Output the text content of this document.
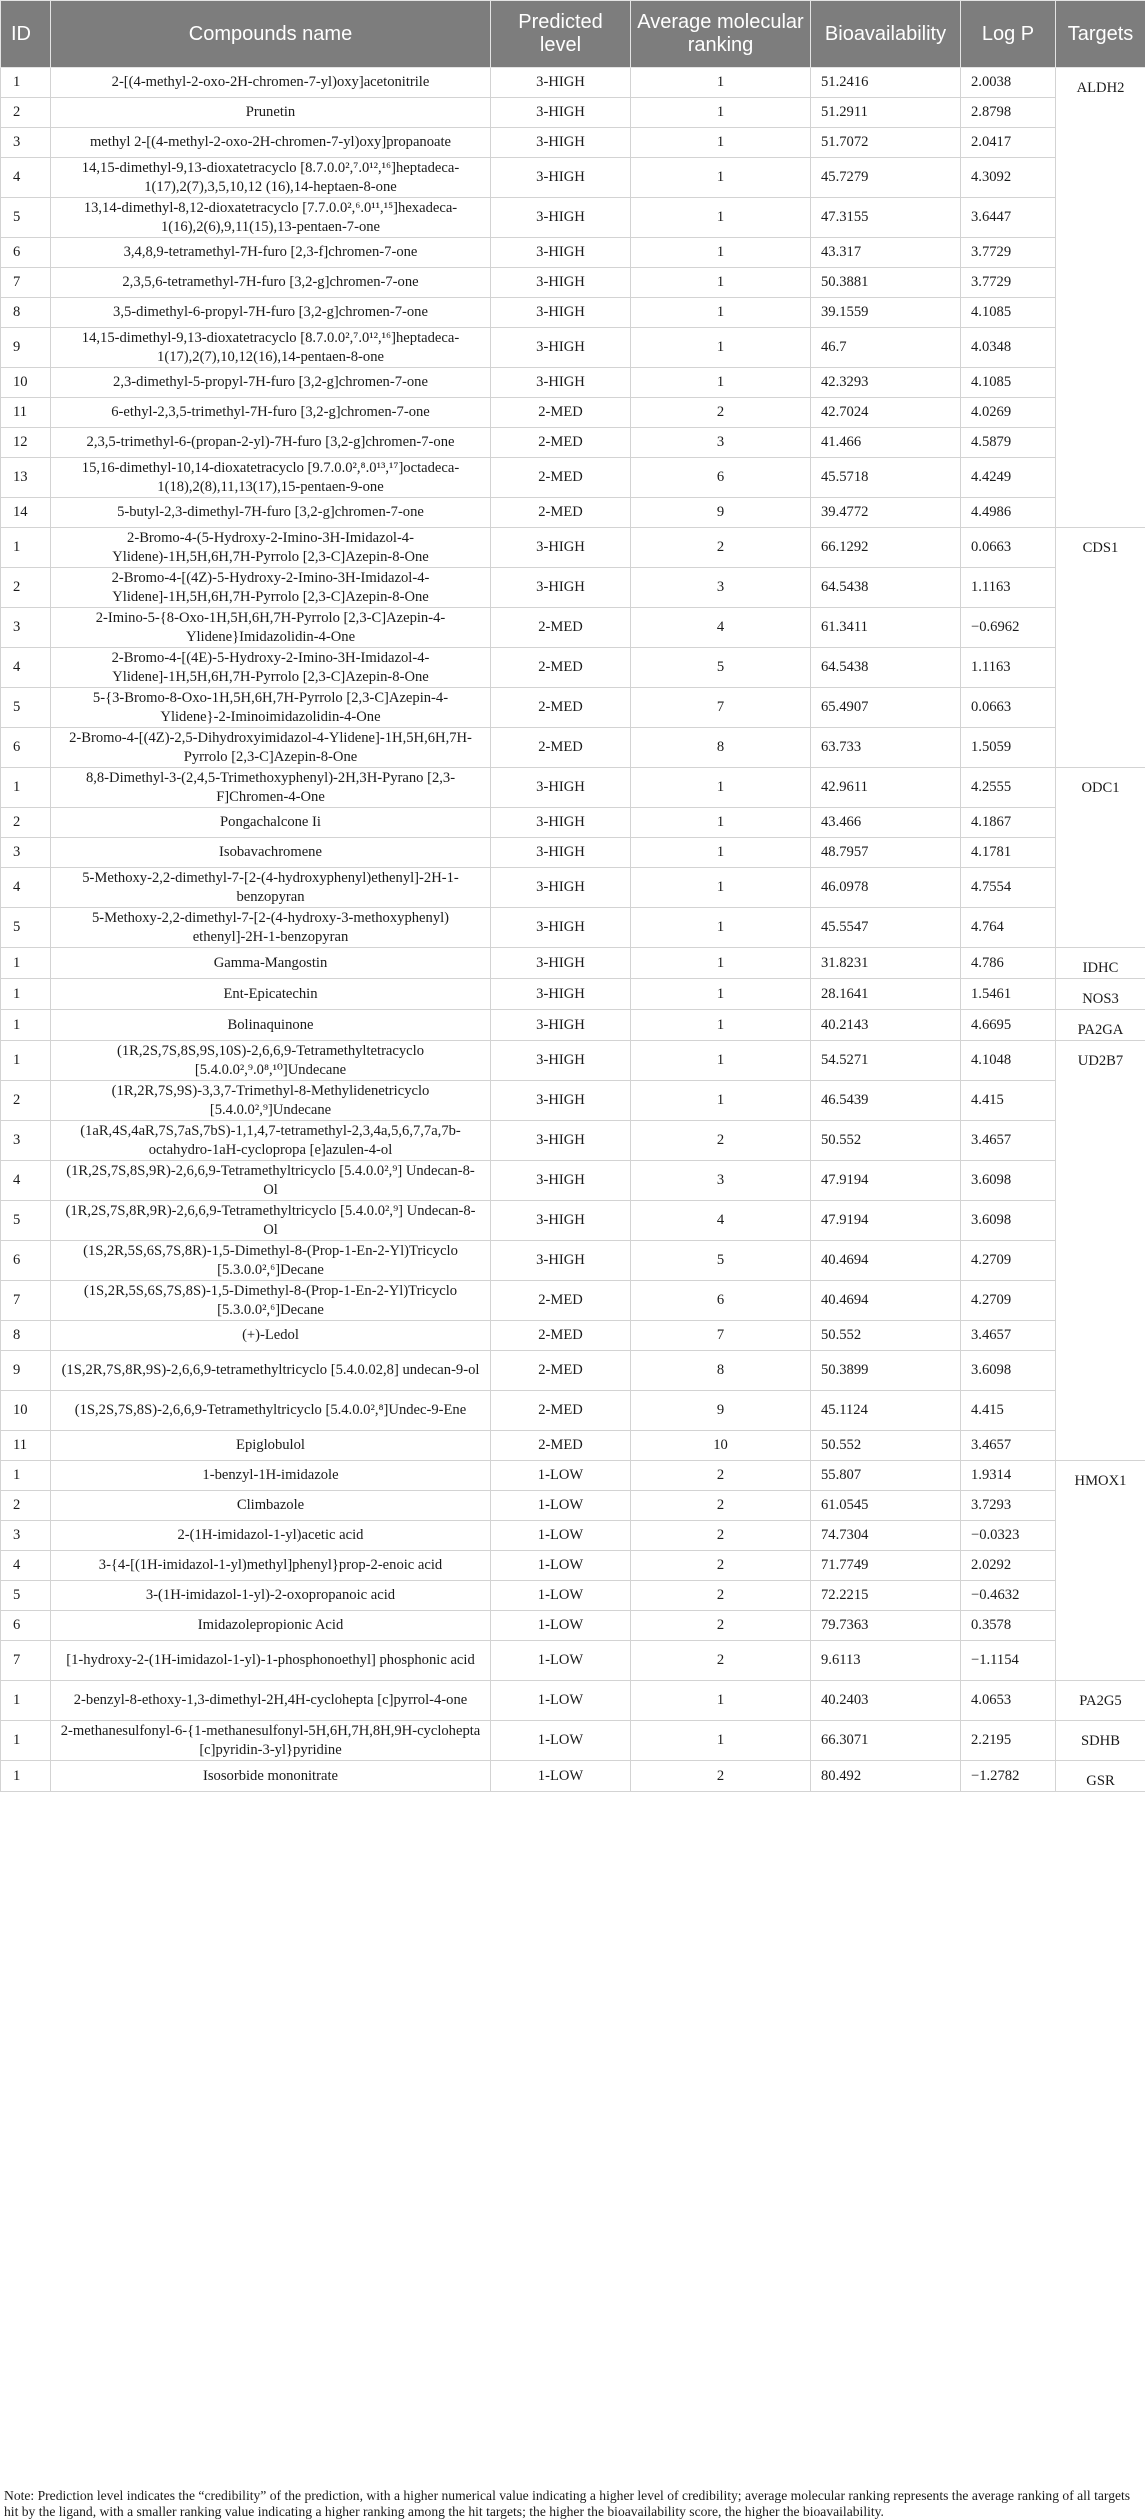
ID	Compounds name	Predicted level	Average molecular ranking	Bioavailability	Log P	Targets
1	2-[(4-methyl-2-oxo-2H-chromen-7-yl)oxy]acetonitrile	3-HIGH	1	51.2416	2.0038	ALDH2
2	Prunetin	3-HIGH	1	51.2911	2.8798	
3	methyl 2-[(4-methyl-2-oxo-2H-chromen-7-yl)oxy]propanoate	3-HIGH	1	51.7072	2.0417	
4	14,15-dimethyl-9,13-dioxatetracyclo [8.7.0.0²,⁷.0¹²,¹⁶]heptadeca-1(17),2(7),3,5,10,12 (16),14-heptaen-8-one	3-HIGH	1	45.7279	4.3092	
5	13,14-dimethyl-8,12-dioxatetracyclo [7.7.0.0²,⁶.0¹¹,¹⁵]hexadeca-1(16),2(6),9,11(15),13-pentaen-7-one	3-HIGH	1	47.3155	3.6447	
6	3,4,8,9-tetramethyl-7H-furo [2,3-f]chromen-7-one	3-HIGH	1	43.317	3.7729	
7	2,3,5,6-tetramethyl-7H-furo [3,2-g]chromen-7-one	3-HIGH	1	50.3881	3.7729	
8	3,5-dimethyl-6-propyl-7H-furo [3,2-g]chromen-7-one	3-HIGH	1	39.1559	4.1085	
9	14,15-dimethyl-9,13-dioxatetracyclo [8.7.0.0²,⁷.0¹²,¹⁶]heptadeca-1(17),2(7),10,12(16),14-pentaen-8-one	3-HIGH	1	46.7	4.0348	
10	2,3-dimethyl-5-propyl-7H-furo [3,2-g]chromen-7-one	3-HIGH	1	42.3293	4.1085	
11	6-ethyl-2,3,5-trimethyl-7H-furo [3,2-g]chromen-7-one	2-MED	2	42.7024	4.0269	
12	2,3,5-trimethyl-6-(propan-2-yl)-7H-furo [3,2-g]chromen-7-one	2-MED	3	41.466	4.5879	
13	15,16-dimethyl-10,14-dioxatetracyclo [9.7.0.0²,⁸.0¹³,¹⁷]octadeca-1(18),2(8),11,13(17),15-pentaen-9-one	2-MED	6	45.5718	4.4249	
14	5-butyl-2,3-dimethyl-7H-furo [3,2-g]chromen-7-one	2-MED	9	39.4772	4.4986	
1	2-Bromo-4-(5-Hydroxy-2-Imino-3H-Imidazol-4-Ylidene)-1H,5H,6H,7H-Pyrrolo [2,3-C]Azepin-8-One	3-HIGH	2	66.1292	0.0663	CDS1
2	2-Bromo-4-[(4Z)-5-Hydroxy-2-Imino-3H-Imidazol-4-Ylidene]-1H,5H,6H,7H-Pyrrolo [2,3-C]Azepin-8-One	3-HIGH	3	64.5438	1.1163	
3	2-Imino-5-{8-Oxo-1H,5H,6H,7H-Pyrrolo [2,3-C]Azepin-4-Ylidene}Imidazolidin-4-One	2-MED	4	61.3411	−0.6962	
4	2-Bromo-4-[(4E)-5-Hydroxy-2-Imino-3H-Imidazol-4-Ylidene]-1H,5H,6H,7H-Pyrrolo [2,3-C]Azepin-8-One	2-MED	5	64.5438	1.1163	
5	5-{3-Bromo-8-Oxo-1H,5H,6H,7H-Pyrrolo [2,3-C]Azepin-4-Ylidene}-2-Iminoimidazolidin-4-One	2-MED	7	65.4907	0.0663	
6	2-Bromo-4-[(4Z)-2,5-Dihydroxyimidazol-4-Ylidene]-1H,5H,6H,7H-Pyrrolo [2,3-C]Azepin-8-One	2-MED	8	63.733	1.5059	
1	8,8-Dimethyl-3-(2,4,5-Trimethoxyphenyl)-2H,3H-Pyrano [2,3-F]Chromen-4-One	3-HIGH	1	42.9611	4.2555	ODC1
2	Pongachalcone Ii	3-HIGH	1	43.466	4.1867	
3	Isobavachromene	3-HIGH	1	48.7957	4.1781	
4	5-Methoxy-2,2-dimethyl-7-[2-(4-hydroxyphenyl)ethenyl]-2H-1-benzopyran	3-HIGH	1	46.0978	4.7554	
5	5-Methoxy-2,2-dimethyl-7-[2-(4-hydroxy-3-methoxyphenyl) ethenyl]-2H-1-benzopyran	3-HIGH	1	45.5547	4.764	
1	Gamma-Mangostin	3-HIGH	1	31.8231	4.786	IDHC
1	Ent-Epicatechin	3-HIGH	1	28.1641	1.5461	NOS3
1	Bolinaquinone	3-HIGH	1	40.2143	4.6695	PA2GA
1	(1R,2S,7S,8S,9S,10S)-2,6,6,9-Tetramethyltetracyclo [5.4.0.0²,⁹.0⁸,¹⁰]Undecane	3-HIGH	1	54.5271	4.1048	UD2B7
2	(1R,2R,7S,9S)-3,3,7-Trimethyl-8-Methylidenetricyclo [5.4.0.0²,⁹]Undecane	3-HIGH	1	46.5439	4.415	
3	(1aR,4S,4aR,7S,7aS,7bS)-1,1,4,7-tetramethyl-2,3,4a,5,6,7,7a,7b-octahydro-1aH-cyclopropa [e]azulen-4-ol	3-HIGH	2	50.552	3.4657	
4	(1R,2S,7S,8S,9R)-2,6,6,9-Tetramethyltricyclo [5.4.0.0²,⁹] Undecan-8-Ol	3-HIGH	3	47.9194	3.6098	
5	(1R,2S,7S,8R,9R)-2,6,6,9-Tetramethyltricyclo [5.4.0.0²,⁹] Undecan-8-Ol	3-HIGH	4	47.9194	3.6098	
6	(1S,2R,5S,6S,7S,8R)-1,5-Dimethyl-8-(Prop-1-En-2-Yl)Tricyclo [5.3.0.0²,⁶]Decane	3-HIGH	5	40.4694	4.2709	
7	(1S,2R,5S,6S,7S,8S)-1,5-Dimethyl-8-(Prop-1-En-2-Yl)Tricyclo [5.3.0.0²,⁶]Decane	2-MED	6	40.4694	4.2709	
8	(+)-Ledol	2-MED	7	50.552	3.4657	
9	(1S,2R,7S,8R,9S)-2,6,6,9-tetramethyltricyclo [5.4.0.02,8] undecan-9-ol	2-MED	8	50.3899	3.6098	
10	(1S,2S,7S,8S)-2,6,6,9-Tetramethyltricyclo [5.4.0.0²,⁸]Undec-9-Ene	2-MED	9	45.1124	4.415	
11	Epiglobulol	2-MED	10	50.552	3.4657	
1	1-benzyl-1H-imidazole	1-LOW	2	55.807	1.9314	HMOX1
2	Climbazole	1-LOW	2	61.0545	3.7293	
3	2-(1H-imidazol-1-yl)acetic acid	1-LOW	2	74.7304	−0.0323	
4	3-{4-[(1H-imidazol-1-yl)methyl]phenyl}prop-2-enoic acid	1-LOW	2	71.7749	2.0292	
5	3-(1H-imidazol-1-yl)-2-oxopropanoic acid	1-LOW	2	72.2215	−0.4632	
6	Imidazolepropionic Acid	1-LOW	2	79.7363	0.3578	
7	[1-hydroxy-2-(1H-imidazol-1-yl)-1-phosphonoethyl] phosphonic acid	1-LOW	2	9.6113	−1.1154	
1	2-benzyl-8-ethoxy-1,3-dimethyl-2H,4H-cyclohepta [c]pyrrol-4-one	1-LOW	1	40.2403	4.0653	PA2G5
1	2-methanesulfonyl-6-{1-methanesulfonyl-5H,6H,7H,8H,9H-cyclohepta [c]pyridin-3-yl}pyridine	1-LOW	1	66.3071	2.2195	SDHB
1	Isosorbide mononitrate	1-LOW	2	80.492	−1.2782	GSR
Note: Prediction level indicates the “credibility” of the prediction, with a higher numerical value indicating a higher level of credibility; average molecular ranking represents the average ranking of all targets hit by the ligand, with a smaller ranking value indicating a higher ranking among the hit targets; the higher the bioavailability score, the higher the bioavailability.
